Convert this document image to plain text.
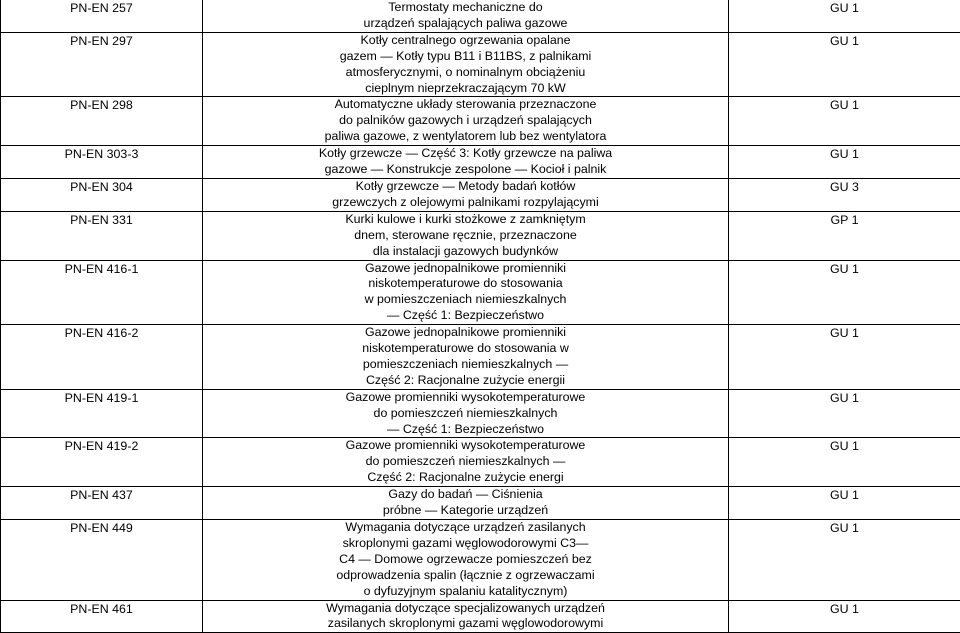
PN-EN 257	Termostaty mechaniczne do
urządzeń spalających paliwa gazowe	GU 1
PN-EN 297	Kotły centralnego ogrzewania opalane
gazem — Kotły typu B11 i B11BS, z palnikami
atmosferycznymi, o nominalnym obciążeniu
cieplnym nieprzekraczającym 70 kW	GU 1
PN-EN 298	Automatyczne układy sterowania przeznaczone
do palników gazowych i urządzeń spalających
paliwa gazowe, z wentylatorem lub bez wentylatora	GU 1
PN-EN 303-3	Kotły grzewcze — Część 3: Kotły grzewcze na paliwa
gazowe — Konstrukcje zespolone — Kocioł i palnik	GU 1
PN-EN 304	Kotły grzewcze — Metody badań kotłów
grzewczych z olejowymi palnikami rozpylającymi	GU 3
PN-EN 331	Kurki kulowe i kurki stożkowe z zamkniętym
dnem, sterowane ręcznie, przeznaczone
dla instalacji gazowych budynków	GP 1
PN-EN 416-1	Gazowe jednopalnikowe promienniki
niskotemperaturowe do stosowania
w pomieszczeniach niemieszkalnych
— Część 1: Bezpieczeństwo	GU 1
PN-EN 416-2	Gazowe jednopalnikowe promienniki
niskotemperaturowe do stosowania w
pomieszczeniach niemieszkalnych —
Część 2: Racjonalne zużycie energii	GU 1
PN-EN 419-1	Gazowe promienniki wysokotemperaturowe
do pomieszczeń niemieszkalnych
— Część 1: Bezpieczeństwo	GU 1
PN-EN 419-2	Gazowe promienniki wysokotemperaturowe
do pomieszczeń niemieszkalnych —
Część 2: Racjonalne zużycie energi	GU 1
PN-EN 437	Gazy do badań — Ciśnienia
próbne — Kategorie urządzeń	GU 1
PN-EN 449	Wymagania dotyczące urządzeń zasilanych
skroplonymi gazami węglowodorowymi C3—
C4 — Domowe ogrzewacze pomieszczeń bez
odprowadzenia spalin (łącznie z ogrzewaczami
o dyfuzyjnym spalaniu katalitycznym)	GU 1
PN-EN 461	Wymagania dotyczące specjalizowanych urządzeń
zasilanych skroplonymi gazami węglowodorowymi	GU 1
